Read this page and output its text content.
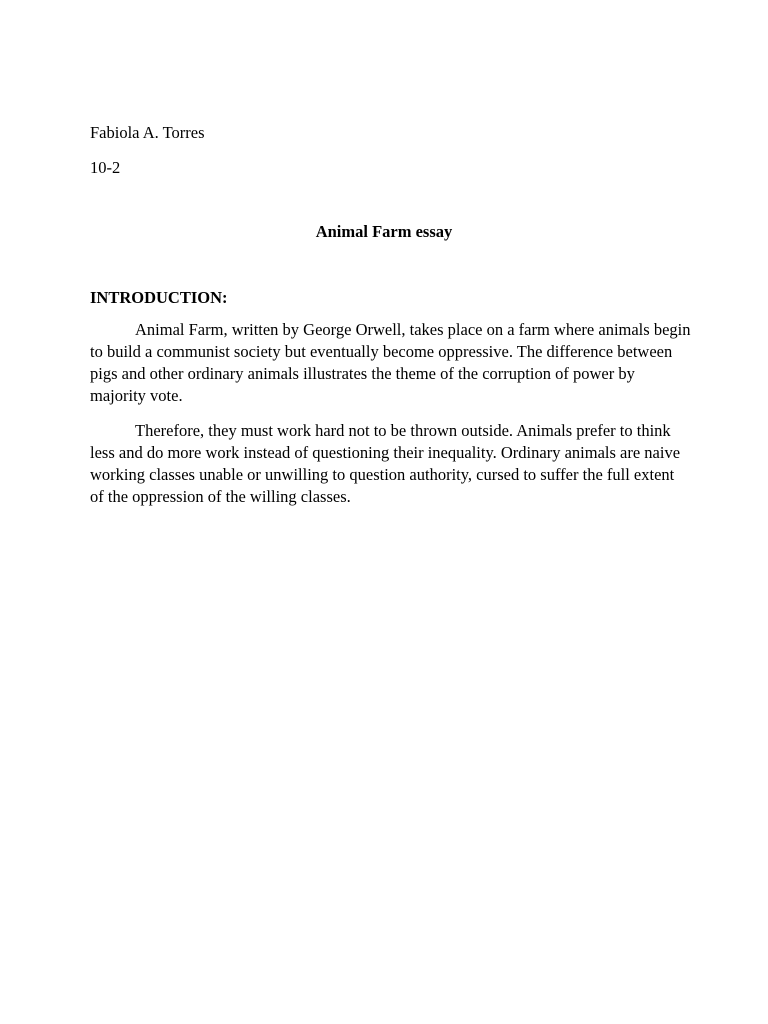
Fabiola A. Torres
10-2
Animal Farm essay
INTRODUCTION:

Animal Farm, written by George Orwell, takes place on a farm where animals begin to build a communist society but eventually become oppressive. The difference between pigs and other ordinary animals illustrates the theme of the corruption of power by majority vote.

Therefore, they must work hard not to be thrown outside. Animals prefer to think less and do more work instead of questioning their inequality. Ordinary animals are naive working classes unable or unwilling to question authority, cursed to suffer the full extent of the oppression of the willing classes.
